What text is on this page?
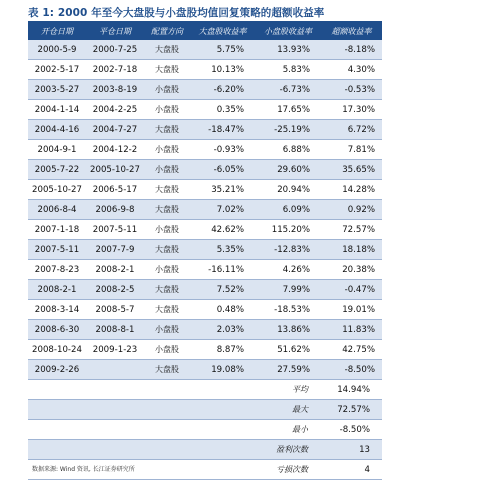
表 1: 2000 年至今大盘股与小盘股均值回复策略的超额收益率
开仓日期	平仓日期	配置方向	大盘股收益率	小盘股收益率	超额收益率
2000-5-9	2000-7-25	大盘股	5.75%	13.93%	-8.18%
2002-5-17	2002-7-18	大盘股	10.13%	5.83%	4.30%
2003-5-27	2003-8-19	小盘股	-6.20%	-6.73%	-0.53%
2004-1-14	2004-2-25	小盘股	0.35%	17.65%	17.30%
2004-4-16	2004-7-27	大盘股	-18.47%	-25.19%	6.72%
2004-9-1	2004-12-2	小盘股	-0.93%	6.88%	7.81%
2005-7-22	2005-10-27	小盘股	-6.05%	29.60%	35.65%
2005-10-27	2006-5-17	大盘股	35.21%	20.94%	14.28%
2006-8-4	2006-9-8	大盘股	7.02%	6.09%	0.92%
2007-1-18	2007-5-11	小盘股	42.62%	115.20%	72.57%
2007-5-11	2007-7-9	大盘股	5.35%	-12.83%	18.18%
2007-8-23	2008-2-1	小盘股	-16.11%	4.26%	20.38%
2008-2-1	2008-2-5	大盘股	7.52%	7.99%	-0.47%
2008-3-14	2008-5-7	大盘股	0.48%	-18.53%	19.01%
2008-6-30	2008-8-1	小盘股	2.03%	13.86%	11.83%
2008-10-24	2009-1-23	小盘股	8.87%	51.62%	42.75%
2009-2-26		大盘股	19.08%	27.59%	-8.50%
				平均	14.94%
				最大	72.57%
				最小	-8.50%
				盈利次数	13
				亏损次数	4
数据来源: Wind 资讯, 长江证券研究所
